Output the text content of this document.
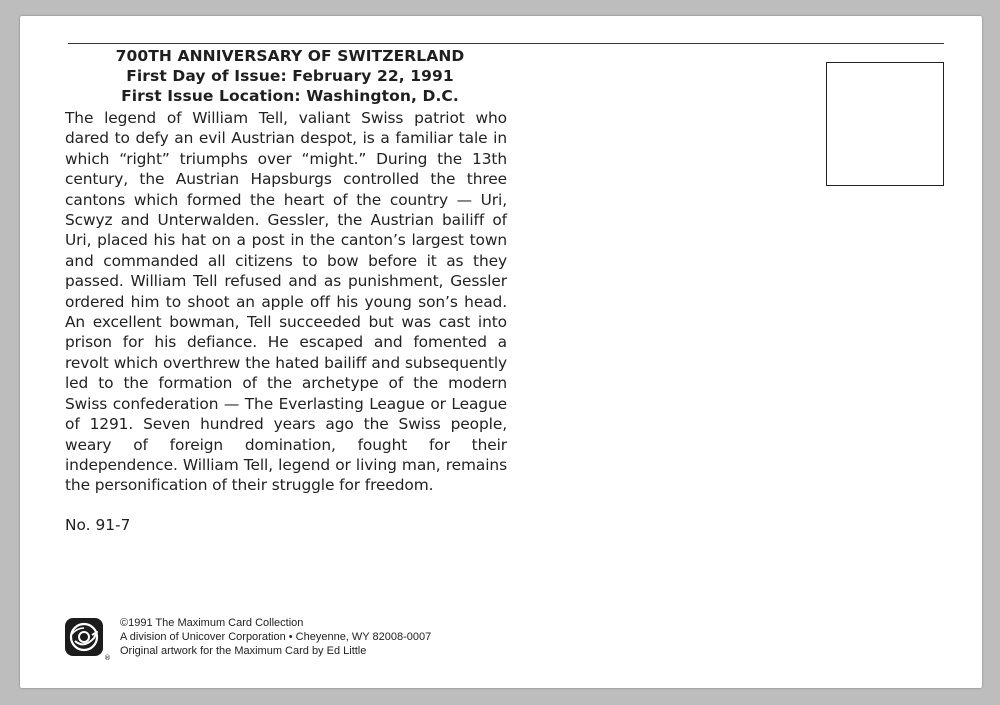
700TH ANNIVERSARY OF SWITZERLAND
First Day of Issue: February 22, 1991
First Issue Location: Washington, D.C.
The legend of William Tell, valiant Swiss patriot who dared to defy an evil Austrian despot, is a familiar tale in which “right” triumphs over “might.” During the 13th century, the Austrian Hapsburgs controlled the three cantons which formed the heart of the country — Uri, Scwyz and Unterwalden. Gessler, the Austrian bailiff of Uri, placed his hat on a post in the canton’s largest town and commanded all citizens to bow before it as they passed. William Tell refused and as punishment, Gessler ordered him to shoot an apple off his young son’s head. An excellent bowman, Tell succeeded but was cast into prison for his defiance. He escaped and fomented a revolt which overthrew the hated bailiff and subsequently led to the formation of the archetype of the modern Swiss confederation — The Everlasting League or League of 1291. Seven hundred years ago the Swiss people, weary of foreign domination, fought for their independence. William Tell, legend or living man, remains the personification of their struggle for freedom.
No. 91-7
®
©1991 The Maximum Card Collection
A division of Unicover Corporation • Cheyenne, WY 82008-0007
Original artwork for the Maximum Card by Ed Little
